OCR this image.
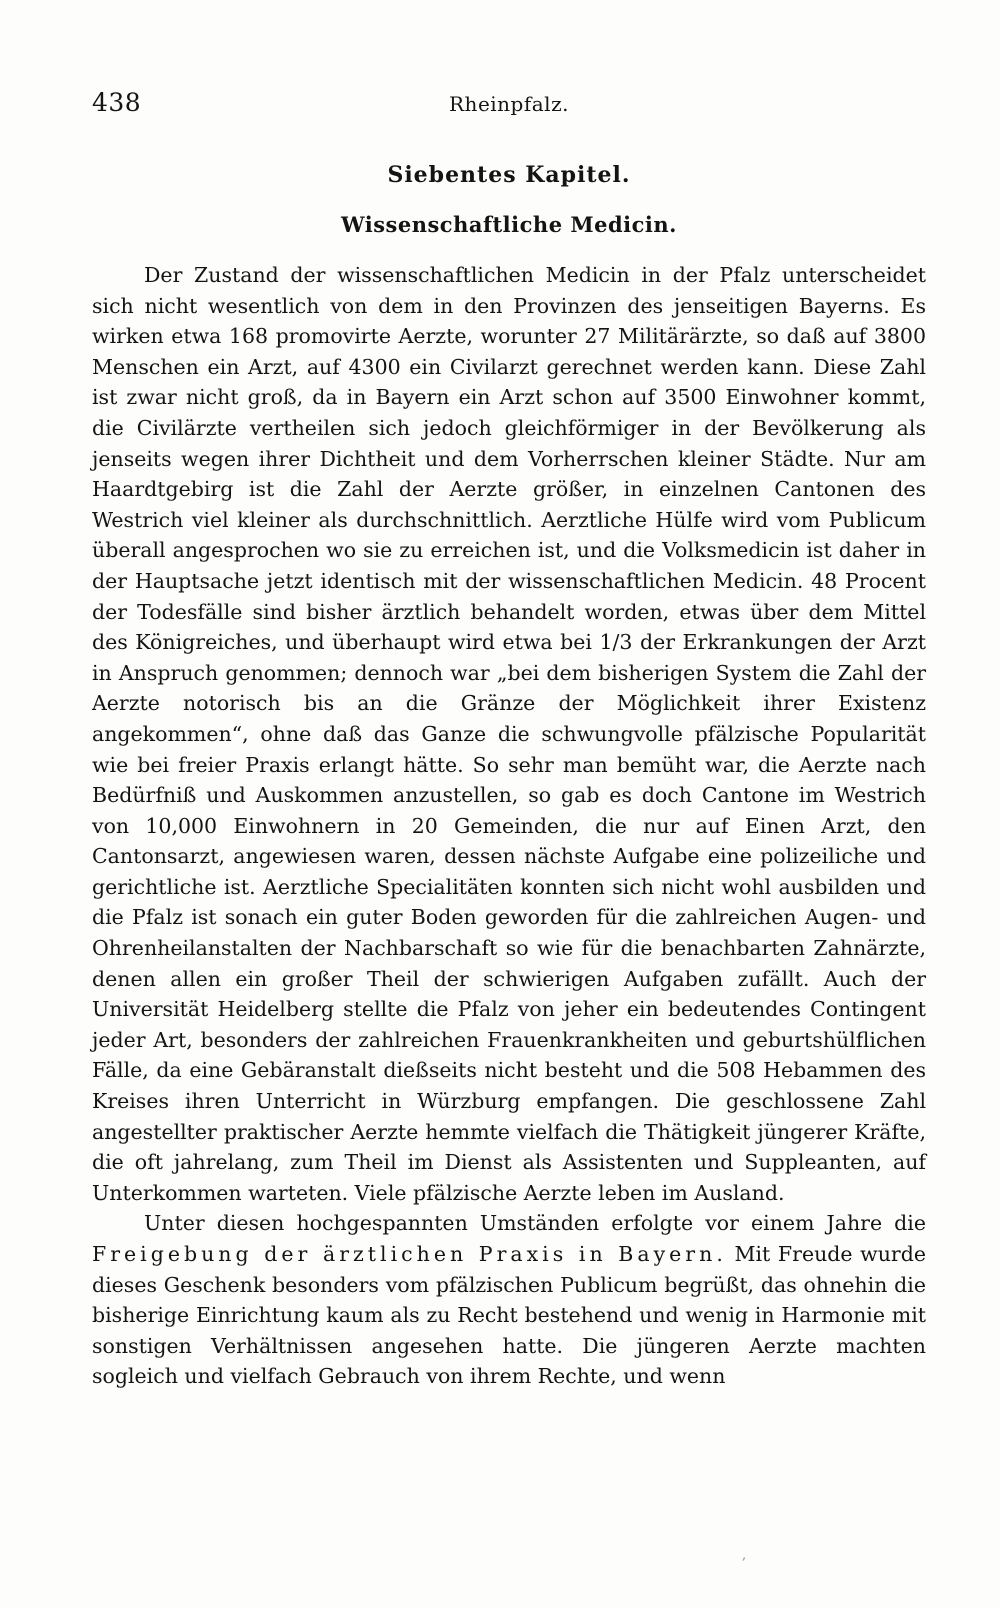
438	Rheinpfalz.
Siebentes Kapitel.
Wissenschaftliche Medicin.

Der Zustand der wissenschaftlichen Medicin in der Pfalz unterscheidet sich nicht wesentlich von dem in den Provinzen des jenseitigen Bayerns. Es wirken etwa 168 promovirte Aerzte, worunter 27 Militärärzte, so daß auf 3800 Menschen ein Arzt, auf 4300 ein Civilarzt gerechnet werden kann. Diese Zahl ist zwar nicht groß, da in Bayern ein Arzt schon auf 3500 Einwohner kommt, die Civilärzte vertheilen sich jedoch gleichförmiger in der Bevölkerung als jenseits wegen ihrer Dichtheit und dem Vorherrschen kleiner Städte. Nur am Haardtgebirg ist die Zahl der Aerzte größer, in einzelnen Cantonen des Westrich viel kleiner als durchschnittlich. Aerztliche Hülfe wird vom Publicum überall angesprochen wo sie zu erreichen ist, und die Volksmedicin ist daher in der Hauptsache jetzt identisch mit der wissenschaftlichen Medicin. 48 Procent der Todesfälle sind bisher ärztlich behandelt worden, etwas über dem Mittel des Königreiches, und überhaupt wird etwa bei 1/3 der Erkrankungen der Arzt in Anspruch genommen; dennoch war „bei dem bisherigen System die Zahl der Aerzte notorisch bis an die Gränze der Möglichkeit ihrer Existenz angekommen“, ohne daß das Ganze die schwungvolle pfälzische Popularität wie bei freier Praxis erlangt hätte. So sehr man bemüht war, die Aerzte nach Bedürfniß und Auskommen anzustellen, so gab es doch Cantone im Westrich von 10,000 Einwohnern in 20 Gemeinden, die nur auf Einen Arzt, den Cantonsarzt, angewiesen waren, dessen nächste Aufgabe eine polizeiliche und gerichtliche ist. Aerztliche Specialitäten konnten sich nicht wohl ausbilden und die Pfalz ist sonach ein guter Boden geworden für die zahlreichen Augen- und Ohrenheilanstalten der Nachbarschaft so wie für die benachbarten Zahnärzte, denen allen ein großer Theil der schwierigen Aufgaben zufällt. Auch der Universität Heidelberg stellte die Pfalz von jeher ein bedeutendes Contingent jeder Art, besonders der zahlreichen Frauenkrankheiten und geburtshülflichen Fälle, da eine Gebäranstalt dießseits nicht besteht und die 508 Hebammen des Kreises ihren Unterricht in Würzburg empfangen. Die geschlossene Zahl angestellter praktischer Aerzte hemmte vielfach die Thätigkeit jüngerer Kräfte, die oft jahrelang, zum Theil im Dienst als Assistenten und Suppleanten, auf Unterkommen warteten. Viele pfälzische Aerzte leben im Ausland.

Unter diesen hochgespannten Umständen erfolgte vor einem Jahre die Freigebung der ärztlichen Praxis in Bayern. Mit Freude wurde dieses Geschenk besonders vom pfälzischen Publicum begrüßt, das ohnehin die bisherige Einrichtung kaum als zu Recht bestehend und wenig in Harmonie mit sonstigen Verhältnissen angesehen hatte. Die jüngeren Aerzte machten sogleich und vielfach Gebrauch von ihrem Rechte, und wenn

,
